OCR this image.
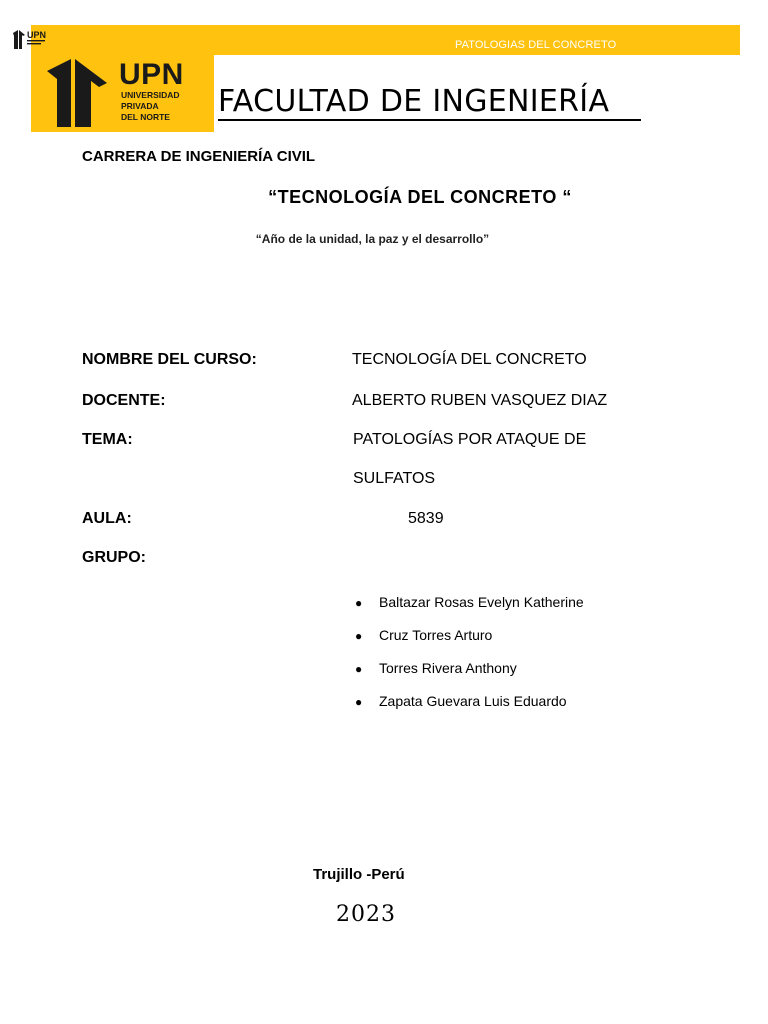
UPN
PATOLOGIAS DEL CONCRETO
UPN
UNIVERSIDAD
PRIVADA
DEL NORTE	FACULTAD DE INGENIERÍA
CARRERA DE INGENIERÍA CIVIL
“TECNOLOGÍA DEL CONCRETO “
“Año de la unidad, la paz y el desarrollo”
NOMBRE DEL CURSO:	TECNOLOGÍA DEL CONCRETO
DOCENTE:	ALBERTO RUBEN VASQUEZ DIAZ
TEMA:	PATOLOGÍAS POR ATAQUE DE
SULFATOS
AULA:	5839
GRUPO:
●	Baltazar Rosas Evelyn Katherine
●	Cruz Torres Arturo
●	Torres Rivera Anthony
●	Zapata Guevara Luis Eduardo
Trujillo -Perú
2023
